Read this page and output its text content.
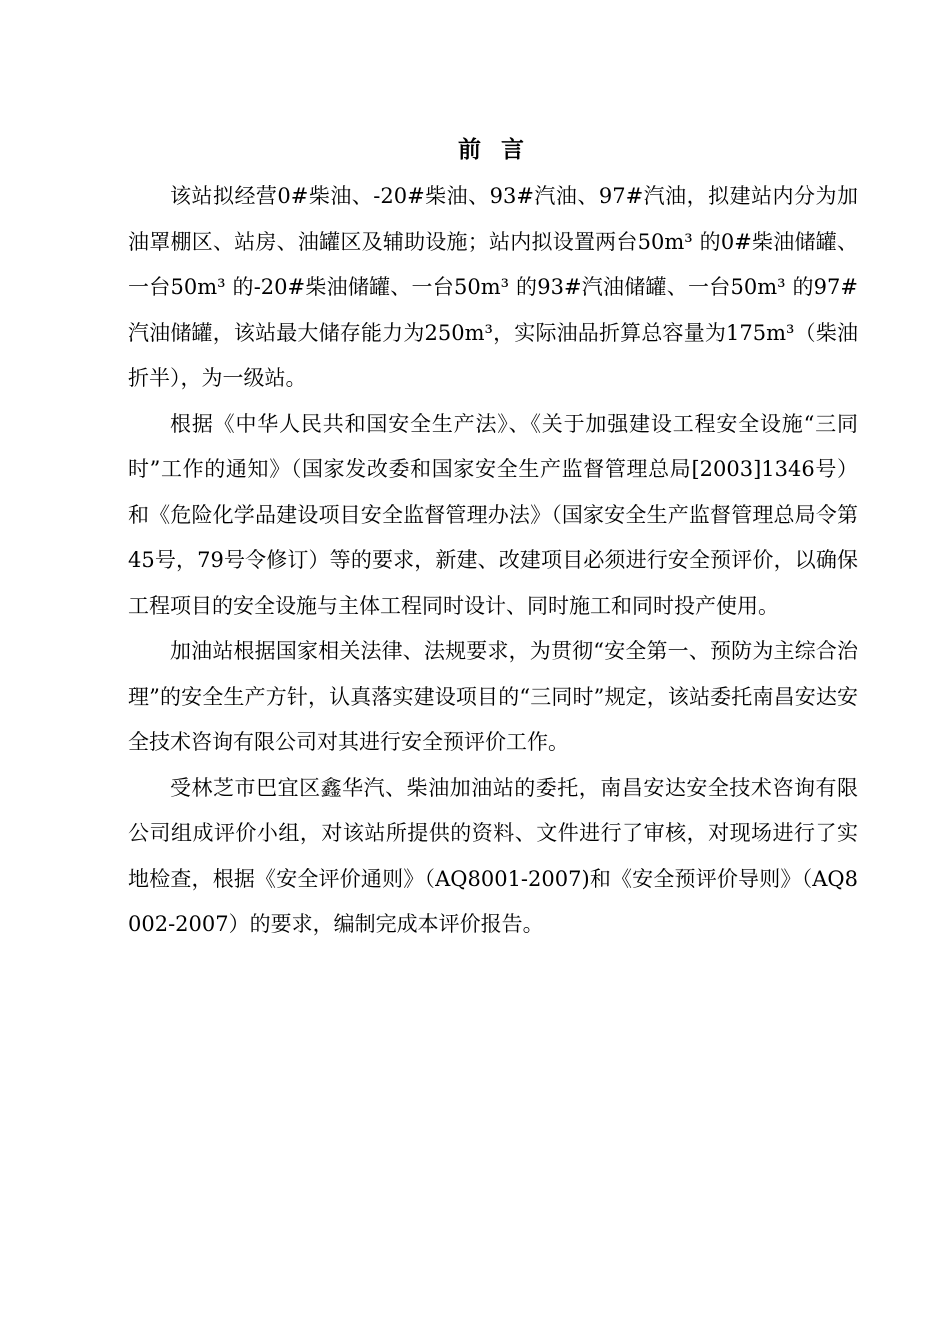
前 言

该站拟经营0#柴油、-20#柴油、93#汽油、97#汽油，拟建站内分为加油罩棚区、站房、油罐区及辅助设施；站内拟设置两台50m³ 的0#柴油储罐、一台50m³ 的-20#柴油储罐、一台50m³ 的93#汽油储罐、一台50m³ 的97#汽油储罐，该站最大储存能力为250m³，实际油品折算总容量为175m³（柴油折半），为一级站。

根据《中华人民共和国安全生产法》、《关于加强建设工程安全设施“三同时”工作的通知》（国家发改委和国家安全生产监督管理总局[2003]1346号）和《危险化学品建设项目安全监督管理办法》（国家安全生产监督管理总局令第45号，79号令修订）等的要求，新建、改建项目必须进行安全预评价，以确保工程项目的安全设施与主体工程同时设计、同时施工和同时投产使用。

加油站根据国家相关法律、法规要求，为贯彻“安全第一、预防为主综合治理”的安全生产方针，认真落实建设项目的“三同时”规定，该站委托南昌安达安全技术咨询有限公司对其进行安全预评价工作。

受林芝市巴宜区鑫华汽、柴油加油站的委托，南昌安达安全技术咨询有限公司组成评价小组，对该站所提供的资料、文件进行了审核，对现场进行了实地检查，根据《安全评价通则》（AQ8001-2007)和《安全预评价导则》（AQ8002-2007）的要求，编制完成本评价报告。
